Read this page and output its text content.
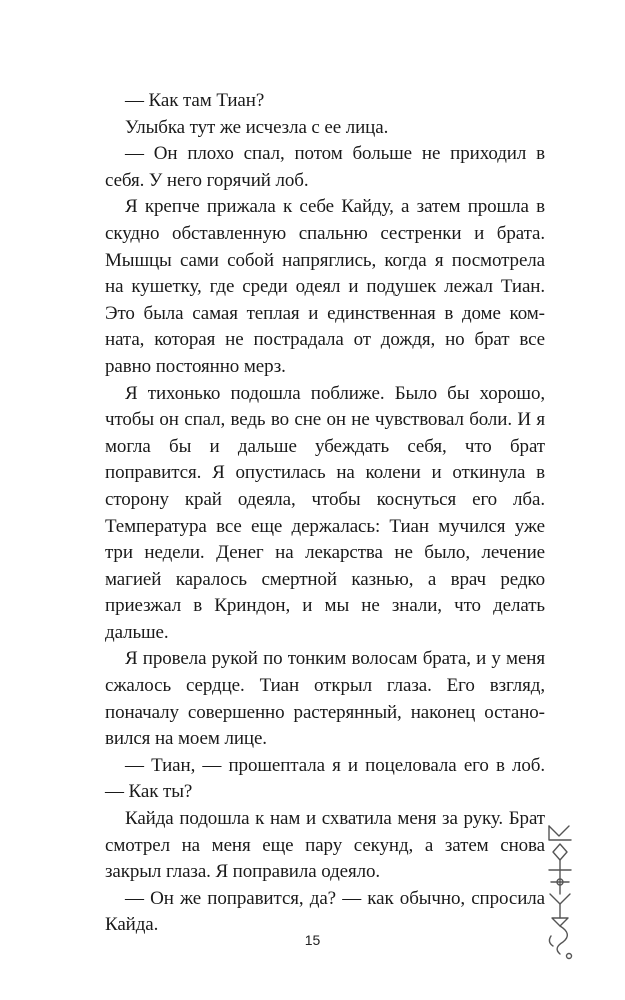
— Как там Тиан?

Улыбка тут же исчезла с ее лица.

— Он плохо спал, потом больше не приходил в себя. У него горячий лоб.

Я крепче прижала к себе Кайду, а затем прошла в скудно обставленную спальню сестренки и брата. Мышцы сами собой напряглись, когда я посмотрела на кушетку, где среди одеял и подушек лежал Тиан. Это была самая теплая и единственная в доме комната, которая не пострадала от дождя, но брат все равно постоянно мерз.

Я тихонько подошла поближе. Было бы хорошо, чтобы он спал, ведь во сне он не чувствовал боли. И я могла бы и дальше убеждать себя, что брат поправится. Я опустилась на колени и откинула в сторону край одеяла, чтобы коснуться его лба. Температура все еще держалась: Тиан мучился уже три недели. Денег на лекарства не было, лечение магией каралось смертной казнью, а врач редко приезжал в Криндон, и мы не знали, что делать дальше.

Я провела рукой по тонким волосам брата, и у меня сжалось сердце. Тиан открыл глаза. Его взгляд, поначалу совершенно растерянный, наконец остановился на моем лице.

— Тиан, — прошептала я и поцеловала его в лоб. — Как ты?

Кайда подошла к нам и схватила меня за руку. Брат смотрел на меня еще пару секунд, а затем снова закрыл глаза. Я поправила одеяло.

— Он же поправится, да? — как обычно, спросила Кайда.

15
